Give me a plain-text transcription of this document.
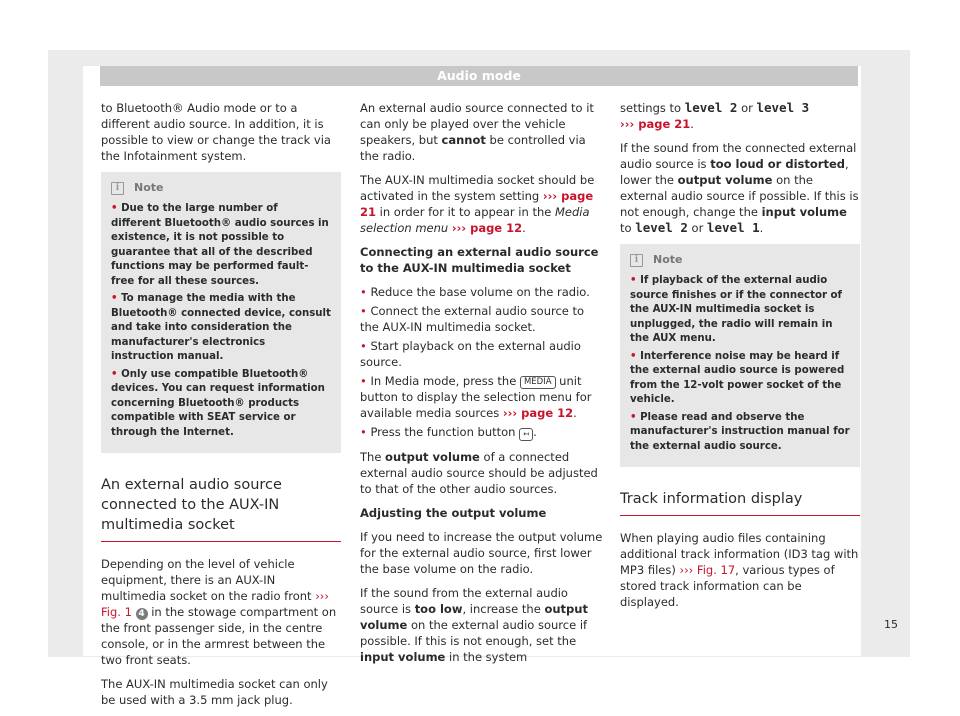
Audio mode

to Bluetooth® Audio mode or to a different audio source. In addition, it is possible to view or change the track via the Infotainment system.

i	Note
• Due to the large number of different Bluetooth® audio sources in existence, it is not possible to guarantee that all of the described functions may be performed fault-free for all these sources.
• To manage the media with the Bluetooth® connected device, consult and take into consideration the manufacturer's electronics instruction manual.
• Only use compatible Bluetooth® devices. You can request information concerning Bluetooth® products compatible with SEAT service or through the Internet.
An external audio source connected to the AUX-IN multimedia socket

Depending on the level of vehicle equipment, there is an AUX-IN multimedia socket on the radio front ››› Fig. 1 4 in the stowage compartment on the front passenger side, in the centre console, or in the armrest between the two front seats.

The AUX-IN multimedia socket can only be used with a 3.5 mm jack plug.

An external audio source connected to it can only be played over the vehicle speakers, but cannot be controlled via the radio.

The AUX-IN multimedia socket should be activated in the system setting ››› page 21 in order for it to appear in the Media selection menu ››› page 12.

Connecting an external audio source to the AUX-IN multimedia socket

• Reduce the base volume on the radio.
• Connect the external audio source to the AUX-IN multimedia socket.
• Start playback on the external audio source.
• In Media mode, press the MEDIA unit button to display the selection menu for available media sources ››› page 12.
• Press the function button ↤ .

The output volume of a connected external audio source should be adjusted to that of the other audio sources.

Adjusting the output volume

If you need to increase the output volume for the external audio source, first lower the base volume on the radio.

If the sound from the external audio source is too low, increase the output volume on the external audio source if possible. If this is not enough, set the input volume in the system

settings to level 2 or level 3
››› page 21.

If the sound from the connected external audio source is too loud or distorted, lower the output volume on the external audio source if possible. If this is not enough, change the input volume to level 2 or level 1.

i	Note
• If playback of the external audio source finishes or if the connector of the AUX-IN multimedia socket is unplugged, the radio will remain in the AUX menu.
• Interference noise may be heard if the external audio source is powered from the 12-volt power socket of the vehicle.
• Please read and observe the manufacturer's instruction manual for the external audio source.
Track information display

When playing audio files containing additional track information (ID3 tag with MP3 files) ››› Fig. 17, various types of stored track information can be displayed.

15
